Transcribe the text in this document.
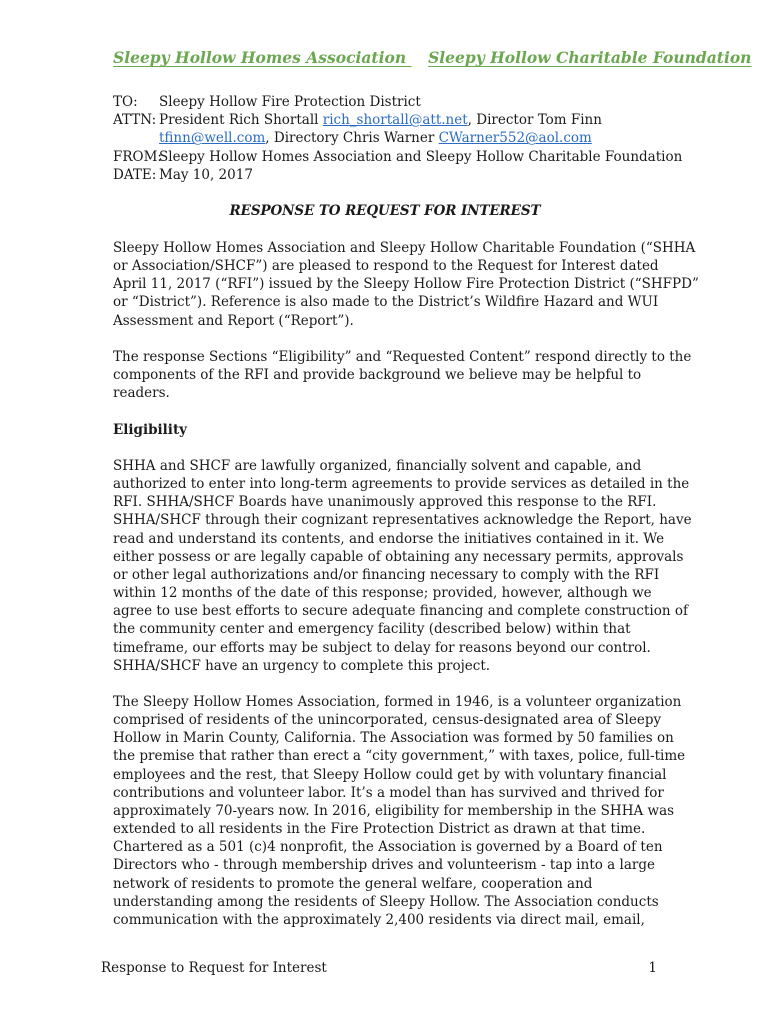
Sleepy Hollow Homes Association Sleepy Hollow Charitable Foundation
TO:	Sleepy Hollow Fire Protection District
ATTN: President Rich Shortall rich_shortall@att.net, Director Tom Finn
tfinn@well.com, Directory Chris Warner CWarner552@aol.com
FROM:
Sleepy Hollow Homes Association and Sleepy Hollow Charitable Foundation
DATE: May 10, 2017
RESPONSE TO REQUEST FOR INTEREST
Sleepy Hollow Homes Association and Sleepy Hollow Charitable Foundation (“SHHA
or Association/SHCF”) are pleased to respond to the Request for Interest dated
April 11, 2017 (“RFI”) issued by the Sleepy Hollow Fire Protection District (“SHFPD”
or “District”). Reference is also made to the District’s Wildfire Hazard and WUI
Assessment and Report (“Report”).
The response Sections “Eligibility” and “Requested Content” respond directly to the
components of the RFI and provide background we believe may be helpful to
readers.
Eligibility
SHHA and SHCF are lawfully organized, financially solvent and capable, and
authorized to enter into long-term agreements to provide services as detailed in the
RFI. SHHA/SHCF Boards have unanimously approved this response to the RFI.
SHHA/SHCF through their cognizant representatives acknowledge the Report, have
read and understand its contents, and endorse the initiatives contained in it. We
either possess or are legally capable of obtaining any necessary permits, approvals
or other legal authorizations and/or financing necessary to comply with the RFI
within 12 months of the date of this response; provided, however, although we
agree to use best efforts to secure adequate financing and complete construction of
the community center and emergency facility (described below) within that
timeframe, our efforts may be subject to delay for reasons beyond our control.
SHHA/SHCF have an urgency to complete this project.
The Sleepy Hollow Homes Association, formed in 1946, is a volunteer organization
comprised of residents of the unincorporated, census-designated area of Sleepy
Hollow in Marin County, California. The Association was formed by 50 families on
the premise that rather than erect a “city government,” with taxes, police, full-time
employees and the rest, that Sleepy Hollow could get by with voluntary financial
contributions and volunteer labor. It’s a model than has survived and thrived for
approximately 70-years now. In 2016, eligibility for membership in the SHHA was
extended to all residents in the Fire Protection District as drawn at that time.
Chartered as a 501 (c)4 nonprofit, the Association is governed by a Board of ten
Directors who - through membership drives and volunteerism - tap into a large
network of residents to promote the general welfare, cooperation and
understanding among the residents of Sleepy Hollow. The Association conducts
communication with the approximately 2,400 residents via direct mail, email,
Response to Request for Interest	1
